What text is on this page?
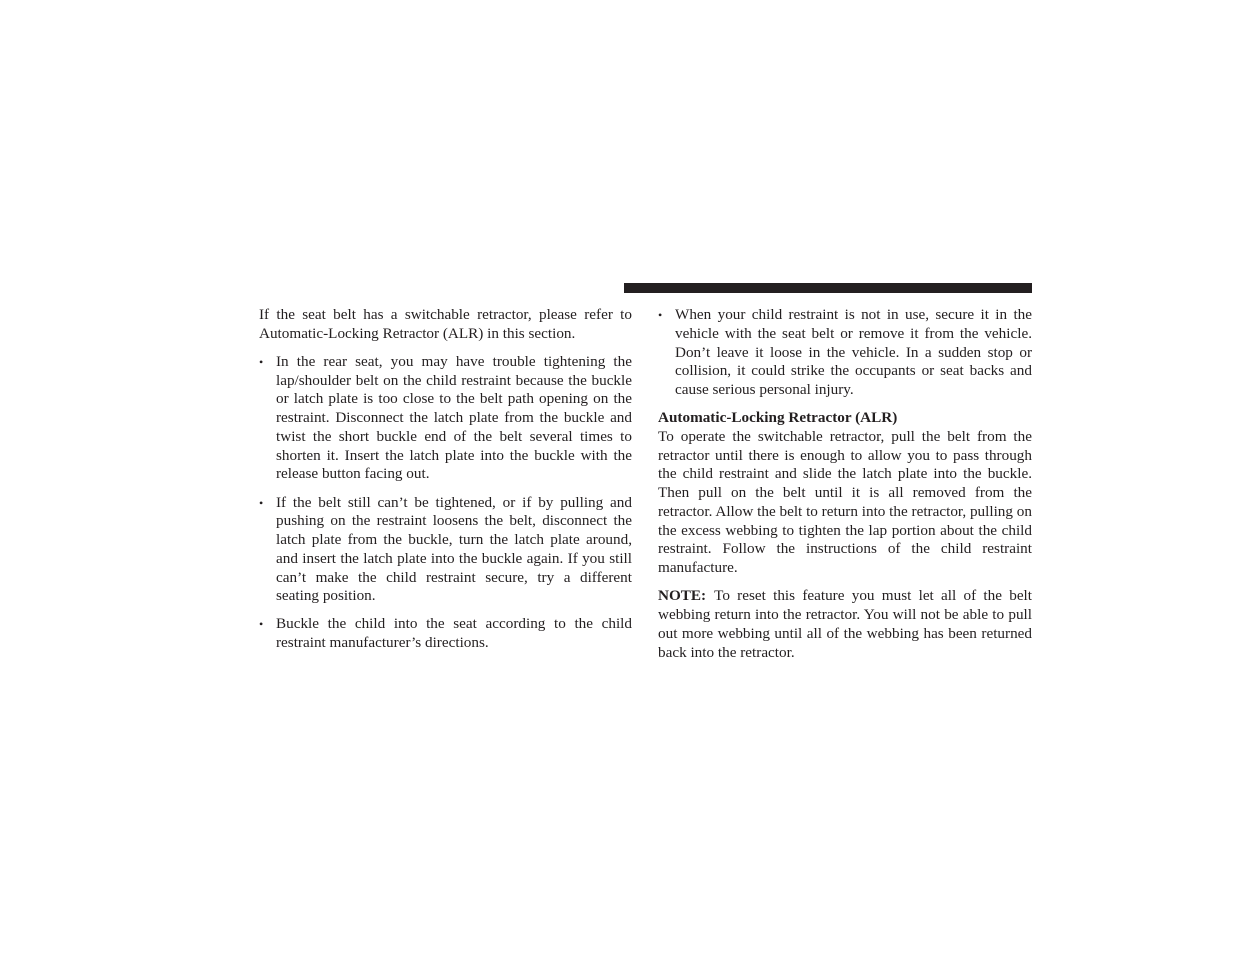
If the seat belt has a switchable retractor, please refer to Automatic-Locking Retractor (ALR) in this section.

• In the rear seat, you may have trouble tightening the lap/shoulder belt on the child restraint because the buckle or latch plate is too close to the belt path opening on the restraint. Disconnect the latch plate from the buckle and twist the short buckle end of the belt several times to shorten it. Insert the latch plate into the buckle with the release button facing out.
• If the belt still can’t be tightened, or if by pulling and pushing on the restraint loosens the belt, disconnect the latch plate from the buckle, turn the latch plate around, and insert the latch plate into the buckle again. If you still can’t make the child restraint secure, try a different seating position.
• Buckle the child into the seat according to the child restraint manufacturer’s directions.
• When your child restraint is not in use, secure it in the vehicle with the seat belt or remove it from the vehicle. Don’t leave it loose in the vehicle. In a sudden stop or collision, it could strike the occupants or seat backs and cause serious personal injury.

Automatic-Locking Retractor (ALR)

To operate the switchable retractor, pull the belt from the retractor until there is enough to allow you to pass through the child restraint and slide the latch plate into the buckle. Then pull on the belt until it is all removed from the retractor. Allow the belt to return into the retractor, pulling on the excess webbing to tighten the lap portion about the child restraint. Follow the instructions of the child restraint manufacture.

NOTE: To reset this feature you must let all of the belt webbing return into the retractor. You will not be able to pull out more webbing until all of the webbing has been returned back into the retractor.
